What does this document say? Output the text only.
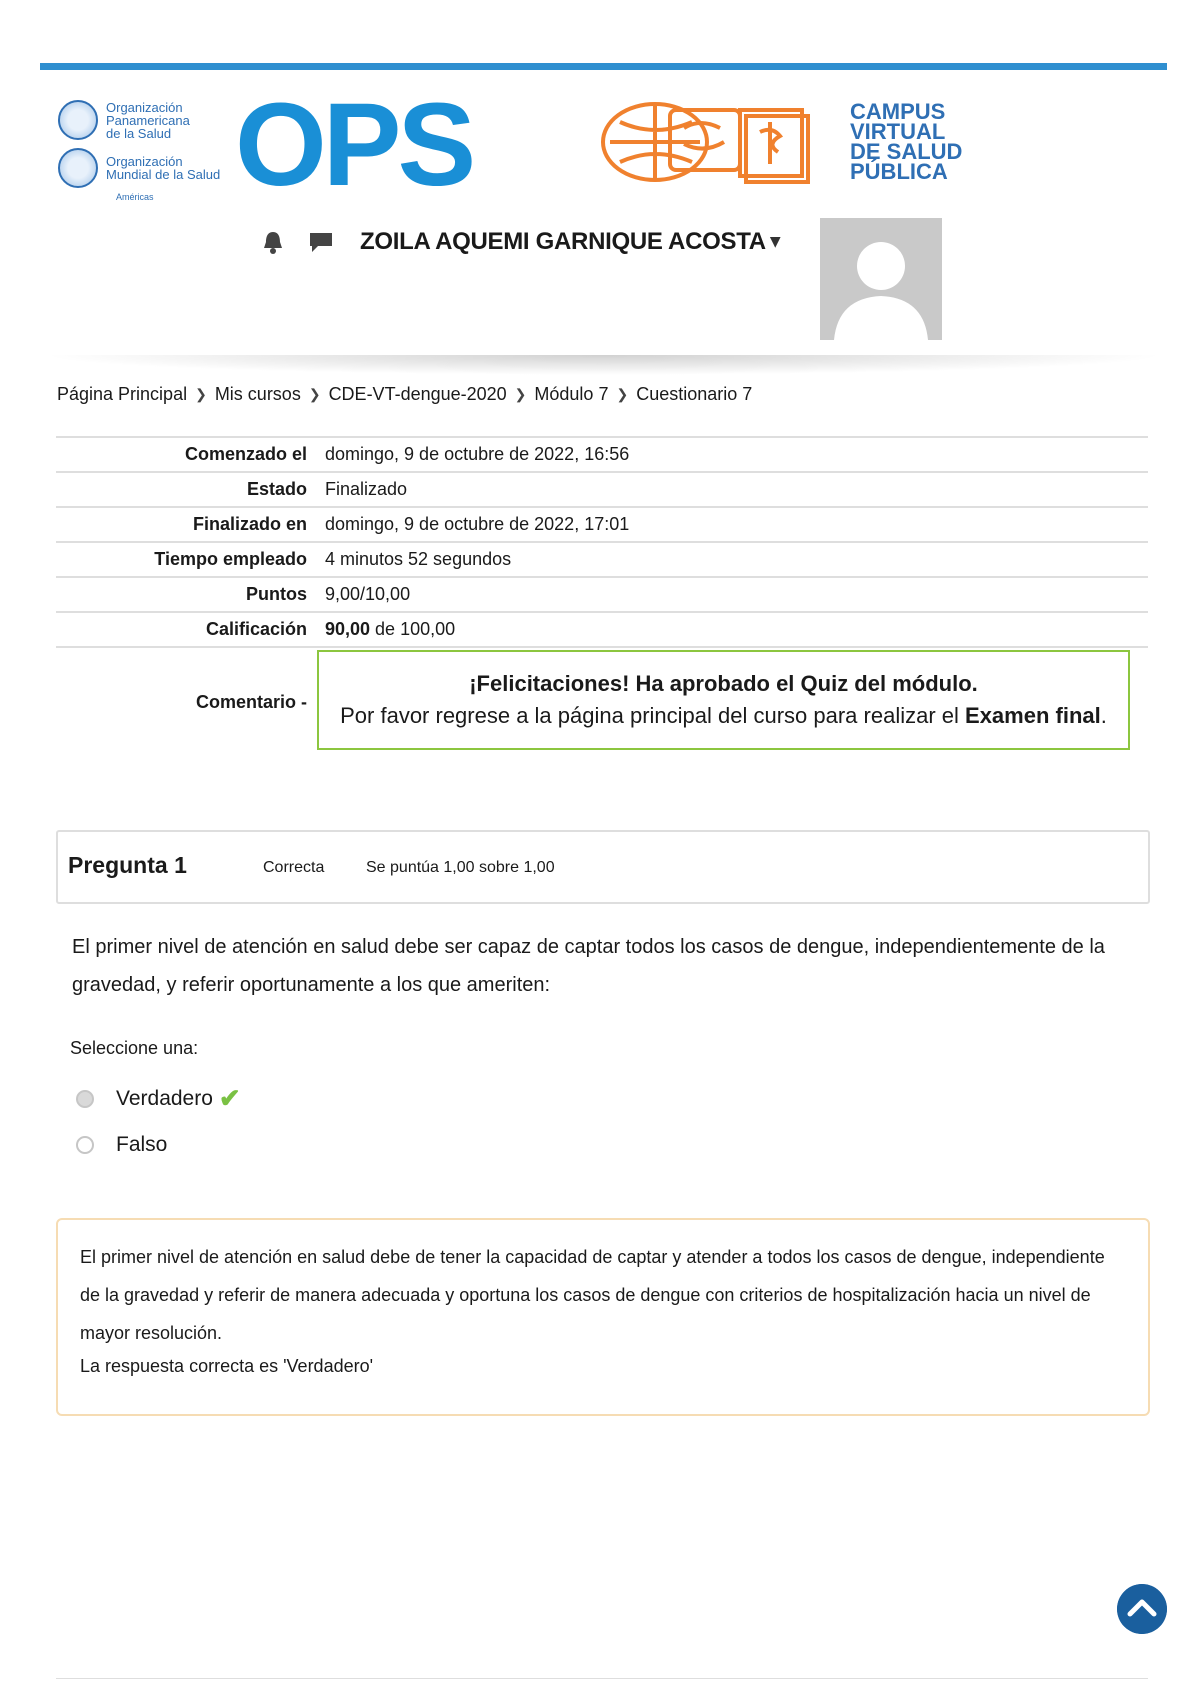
Organización
Panamericana
de la Salud
Organización
Mundial de la Salud
Américas OPS	CAMPUS
VIRTUAL
DE SALUD
PÚBLICA
ZOILA AQUEMI GARNIQUE ACOSTA ▼
Página Principal ❯ Mis cursos ❯ CDE-VT-dengue-2020 ❯ Módulo 7 ❯ Cuestionario 7
Comenzado el	domingo, 9 de octubre de 2022, 16:56
Estado	Finalizado
Finalizado en	domingo, 9 de octubre de 2022, 17:01
Tiempo empleado	4 minutos 52 segundos
Puntos	9,00/10,00
Calificación	90,00 de 100,00
Comentario -	¡Felicitaciones! Ha aprobado el Quiz del módulo.
Por favor regrese a la página principal del curso para realizar el Examen final.
Pregunta 1	Correcta	Se puntúa 1,00 sobre 1,00
El primer nivel de atención en salud debe ser capaz de captar todos los casos de dengue, independientemente de la gravedad, y referir oportunamente a los que ameriten:
Seleccione una:
Verdadero ✔
Falso
El primer nivel de atención en salud debe de tener la capacidad de captar y atender a todos los casos de dengue, independiente de la gravedad y referir de manera adecuada y oportuna los casos de dengue con criterios de hospitalización hacia un nivel de mayor resolución.
La respuesta correcta es 'Verdadero'
